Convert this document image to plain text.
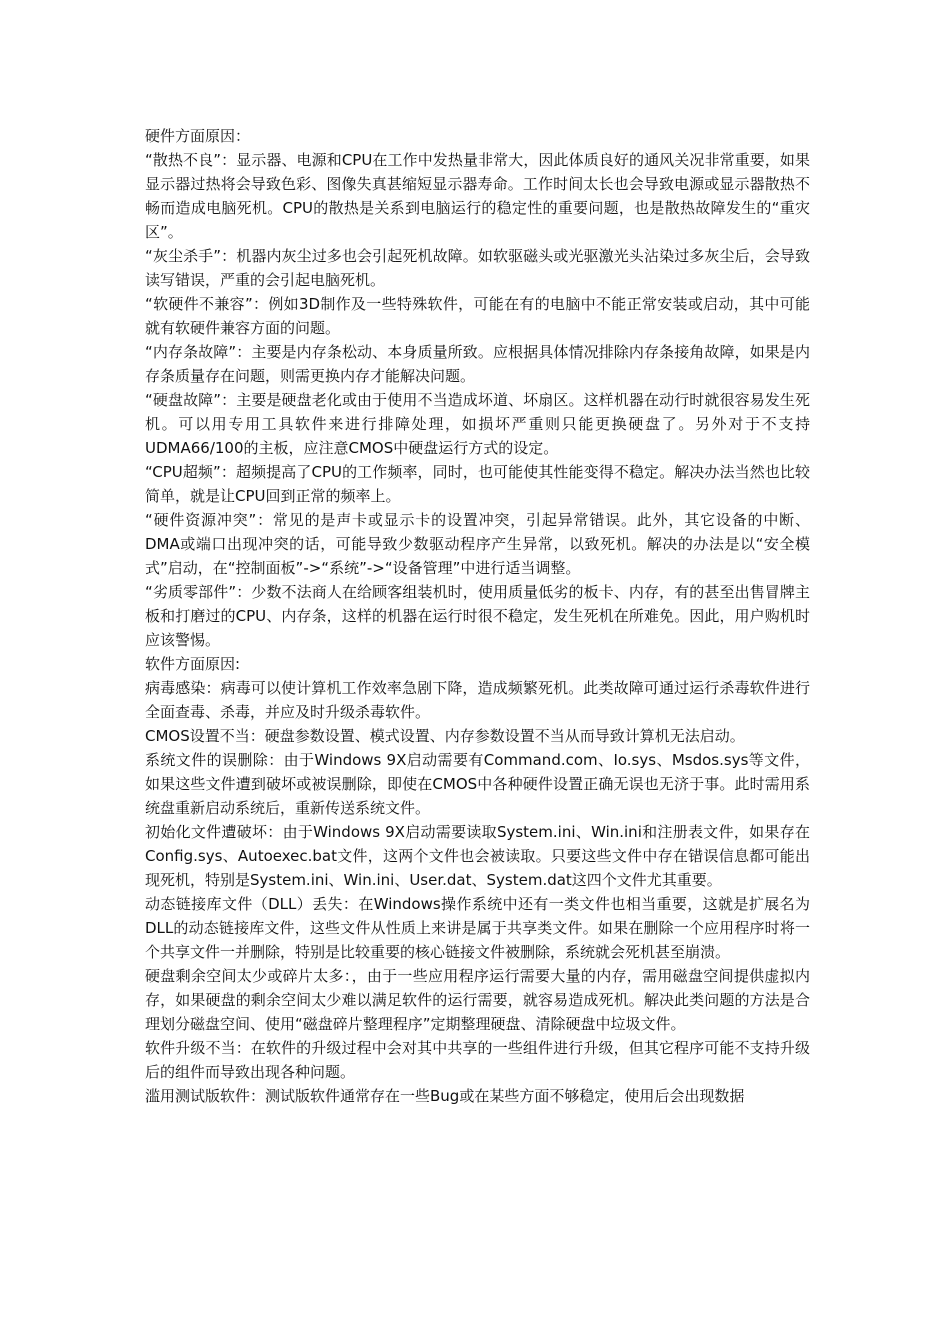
硬件方面原因：

“散热不良”：显示器、电源和CPU在工作中发热量非常大，因此体质良好的通风关况非常重要，如果显示器过热将会导致色彩、图像失真甚缩短显示器寿命。工作时间太长也会导致电源或显示器散热不畅而造成电脑死机。CPU的散热是关系到电脑运行的稳定性的重要问题，也是散热故障发生的“重灾区”。

“灰尘杀手”：机器内灰尘过多也会引起死机故障。如软驱磁头或光驱激光头沾染过多灰尘后，会导致读写错误，严重的会引起电脑死机。

“软硬件不兼容”：例如3D制作及一些特殊软件，可能在有的电脑中不能正常安装或启动，其中可能就有软硬件兼容方面的问题。

“内存条故障”：主要是内存条松动、本身质量所致。应根据具体情况排除内存条接角故障，如果是内存条质量存在问题，则需更换内存才能解决问题。

“硬盘故障”：主要是硬盘老化或由于使用不当造成坏道、坏扇区。这样机器在动行时就很容易发生死机。可以用专用工具软件来进行排障处理，如损坏严重则只能更换硬盘了。另外对于不支持UDMA66/100的主板，应注意CMOS中硬盘运行方式的设定。

“CPU超频”：超频提高了CPU的工作频率，同时，也可能使其性能变得不稳定。解决办法当然也比较简单，就是让CPU回到正常的频率上。

“硬件资源冲突”：常见的是声卡或显示卡的设置冲突，引起异常错误。此外，其它设备的中断、DMA或端口出现冲突的话，可能导致少数驱动程序产生异常，以致死机。解决的办法是以“安全模式”启动，在“控制面板”->“系统”->“设备管理”中进行适当调整。

“劣质零部件”：少数不法商人在给顾客组装机时，使用质量低劣的板卡、内存，有的甚至出售冒牌主板和打磨过的CPU、内存条，这样的机器在运行时很不稳定，发生死机在所难免。因此，用户购机时应该警惕。

软件方面原因:

病毒感染：病毒可以使计算机工作效率急剧下降，造成频繁死机。此类故障可通过运行杀毒软件进行全面查毒、杀毒，并应及时升级杀毒软件。

CMOS设置不当：硬盘参数设置、模式设置、内存参数设置不当从而导致计算机无法启动。

系统文件的误删除：由于Windows 9X启动需要有Command.com、Io.sys、Msdos.sys等文件，如果这些文件遭到破坏或被误删除，即使在CMOS中各种硬件设置正确无误也无济于事。此时需用系统盘重新启动系统后，重新传送系统文件。

初始化文件遭破坏：由于Windows 9X启动需要读取System.ini、Win.ini和注册表文件，如果存在Config.sys、Autoexec.bat文件，这两个文件也会被读取。只要这些文件中存在错误信息都可能出现死机，特别是System.ini、Win.ini、User.dat、System.dat这四个文件尤其重要。

动态链接库文件（DLL）丢失：在Windows操作系统中还有一类文件也相当重要，这就是扩展名为DLL的动态链接库文件，这些文件从性质上来讲是属于共享类文件。如果在删除一个应用程序时将一个共享文件一并删除，特别是比较重要的核心链接文件被删除，系统就会死机甚至崩溃。

硬盘剩余空间太少或碎片太多：，由于一些应用程序运行需要大量的内存，需用磁盘空间提供虚拟内存，如果硬盘的剩余空间太少难以满足软件的运行需要，就容易造成死机。解决此类问题的方法是合理划分磁盘空间、使用“磁盘碎片整理程序”定期整理硬盘、清除硬盘中垃圾文件。

软件升级不当：在软件的升级过程中会对其中共享的一些组件进行升级，但其它程序可能不支持升级后的组件而导致出现各种问题。

滥用测试版软件：测试版软件通常存在一些Bug或在某些方面不够稳定，使用后会出现数据
